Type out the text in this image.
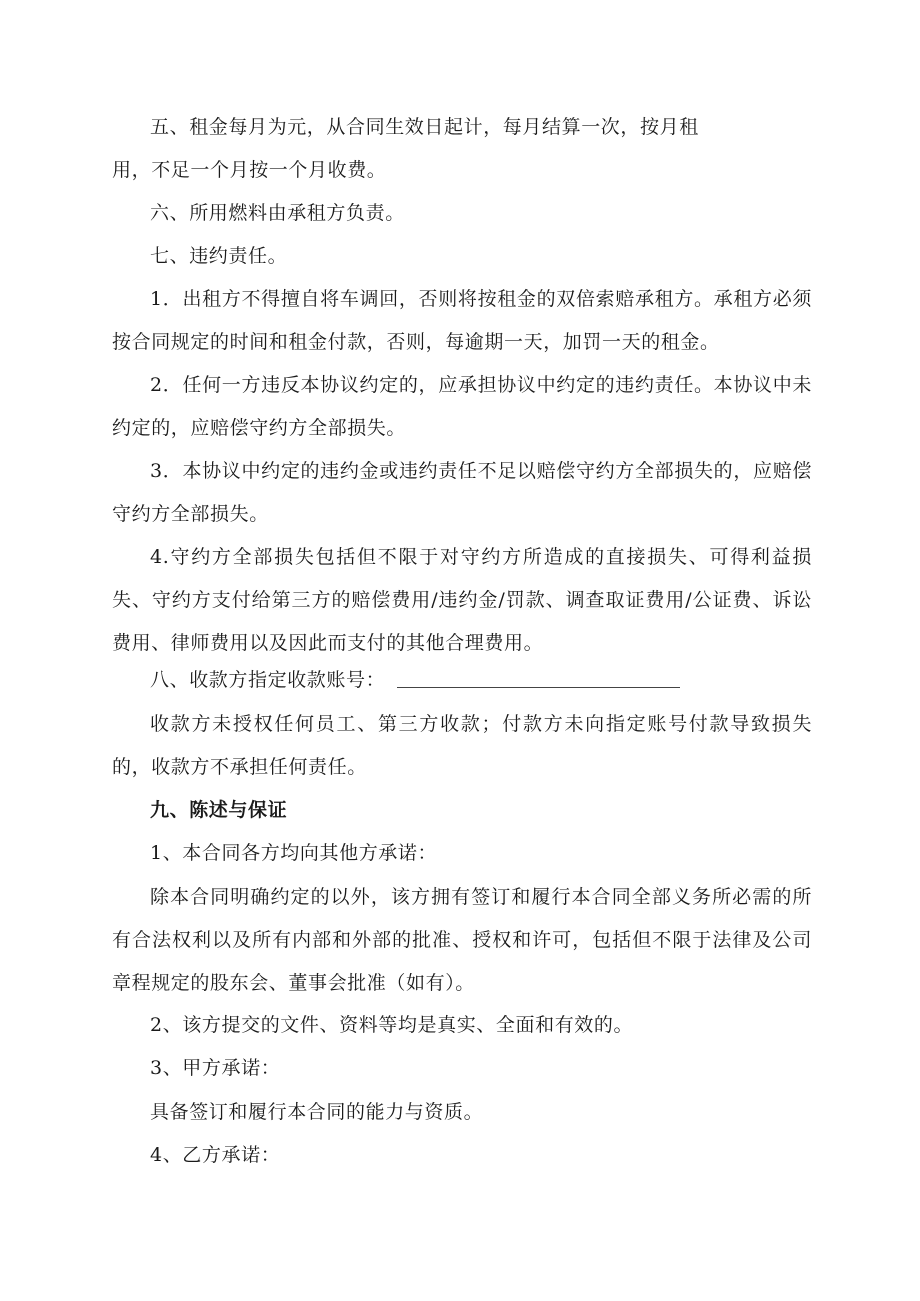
五、租金每月为元，从合同生效日起计，每月结算一次，按月租

用，不足一个月按一个月收费。

六、所用燃料由承租方负责。

七、违约责任。

1．出租方不得擅自将车调回，否则将按租金的双倍索赔承租方。承租方必须按合同规定的时间和租金付款，否则，每逾期一天，加罚一天的租金。

2．任何一方违反本协议约定的，应承担协议中约定的违约责任。本协议中未约定的，应赔偿守约方全部损失。

3．本协议中约定的违约金或违约责任不足以赔偿守约方全部损失的，应赔偿守约方全部损失。

4.守约方全部损失包括但不限于对守约方所造成的直接损失、可得利益损失、守约方支付给第三方的赔偿费用/违约金/罚款、调查取证费用/公证费、诉讼费用、律师费用以及因此而支付的其他合理费用。

八、收款方指定收款账号：

收款方未授权任何员工、第三方收款；付款方未向指定账号付款导致损失的，收款方不承担任何责任。

九、陈述与保证

1、本合同各方均向其他方承诺：

除本合同明确约定的以外，该方拥有签订和履行本合同全部义务所必需的所有合法权利以及所有内部和外部的批准、授权和许可，包括但不限于法律及公司章程规定的股东会、董事会批准（如有）。

2、该方提交的文件、资料等均是真实、全面和有效的。

3、甲方承诺：

具备签订和履行本合同的能力与资质。

4、乙方承诺：
